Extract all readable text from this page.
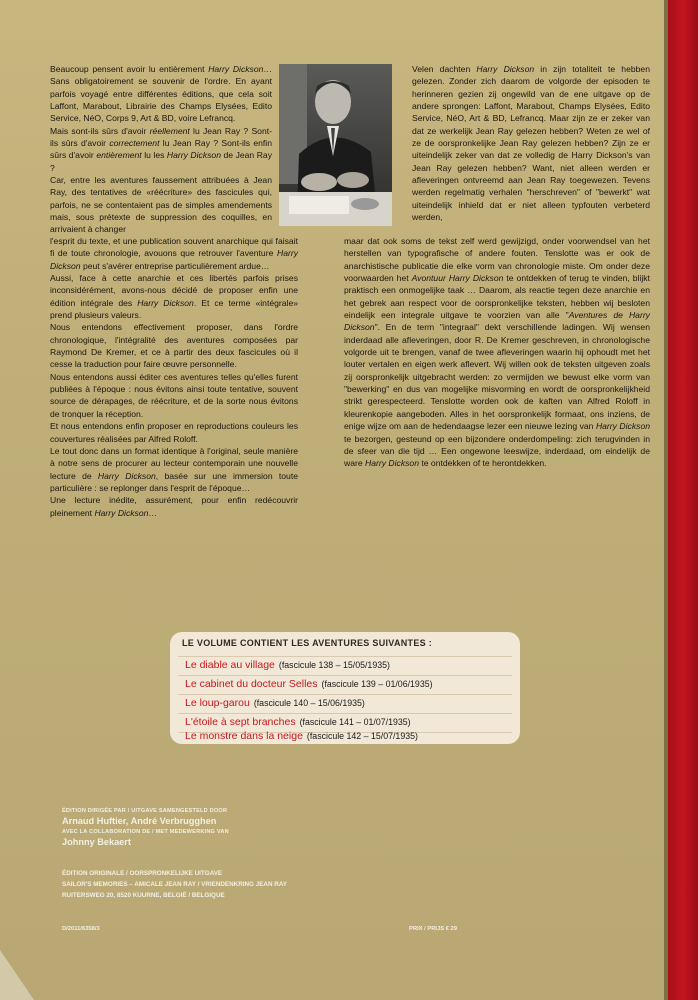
Beaucoup pensent avoir lu entièrement Harry Dickson… Sans obligatoirement se souvenir de l'ordre. En ayant parfois voyagé entre différentes éditions, que cela soit Laffont, Marabout, Librairie des Champs Elysées, Edito Service, NéO, Corps 9, Art & BD, voire Lefrancq.

Mais sont-ils sûrs d'avoir réellement lu Jean Ray ? Sont-ils sûrs d'avoir correctement lu Jean Ray ? Sont-ils enfin sûrs d'avoir entièrement lu les Harry Dickson de Jean Ray ?

Car, entre les aventures faussement attribuées à Jean Ray, des tentatives de «réécriture» des fascicules qui, parfois, ne se contentaient pas de simples amendements mais, sous prétexte de suppression des coquilles, en arrivaient à changer

Velen dachten Harry Dickson in zijn totaliteit te hebben gelezen. Zonder zich daarom de volgorde der episoden te herinneren gezien zij ongewild van de ene uitgave op de andere sprongen: Laffont, Marabout, Champs Elysées, Edito Service, NéO, Art & BD, Lefrancq. Maar zijn ze er zeker van dat ze werkelijk Jean Ray gelezen hebben? Weten ze wel of ze de oorspronkelijke Jean Ray gelezen hebben? Zijn ze er uiteindelijk zeker van dat ze volledig de Harry Dickson's van Jean Ray gelezen hebben? Want, niet alleen werden er afleveringen ontvreemd aan Jean Ray toegewezen. Tevens werden regelmatig verhalen "herschreven" of "bewerkt" wat uiteindelijk inhield dat er niet alleen typfouten verbeterd werden,

l'esprit du texte, et une publication souvent anarchique qui faisait fi de toute chronologie, avouons que retrouver l'aventure Harry Dickson peut s'avérer entreprise particulièrement ardue…

Aussi, face à cette anarchie et ces libertés parfois prises inconsidérément, avons-nous décidé de proposer enfin une édition intégrale des Harry Dickson. Et ce terme «intégrale» prend plusieurs valeurs.

Nous entendons effectivement proposer, dans l'ordre chronologique, l'intégralité des aventures composées par Raymond De Kremer, et ce à partir des deux fascicules où il cesse la traduction pour faire œuvre personnelle.

Nous entendons aussi éditer ces aventures telles qu'elles furent publiées à l'époque : nous évitons ainsi toute tentative, souvent source de dérapages, de réécriture, et de la sorte nous évitons de tronquer la réception.

Et nous entendons enfin proposer en reproductions couleurs les couvertures réalisées par Alfred Roloff.

Le tout donc dans un format identique à l'original, seule manière à notre sens de procurer au lecteur contemporain une nouvelle lecture de Harry Dickson, basée sur une immersion toute particulière : se replonger dans l'esprit de l'époque…

Une lecture inédite, assurément, pour enfin redécouvrir pleinement Harry Dickson…

maar dat ook soms de tekst zelf werd gewijzigd, onder voorwendsel van het herstellen van typografische of andere fouten. Tenslotte was er ook de anarchistische publicatie die elke vorm van chronologie miste. Om onder deze voorwaarden het Avontuur Harry Dickson te ontdekken of terug te vinden, blijkt praktisch een onmogelijke taak … Daarom, als reactie tegen deze anarchie en het gebrek aan respect voor de oorspronkelijke teksten, hebben wij besloten eindelijk een integrale uitgave te voorzien van alle "Aventures de Harry Dickson". En de term "integraal" dekt verschillende ladingen. Wij wensen inderdaad alle afleveringen, door R. De Kremer geschreven, in chronologische volgorde uit te brengen, vanaf de twee afleveringen waarin hij ophoudt met het louter vertalen en eigen werk aflevert. Wij willen ook de teksten uitgeven zoals zij oorspronkelijk uitgebracht werden: zo vermijden we bewust elke vorm van "bewerking" en dus van mogelijke misvorming en wordt de oorspronkelijkheid strikt gerespecteerd. Tenslotte worden ook de kaften van Alfred Roloff in kleurenkopie aangeboden. Alles in het oorspronkelijk formaat, ons inziens, de enige wijze om aan de hedendaagse lezer een nieuwe lezing van Harry Dickson te bezorgen, gesteund op een bijzondere onderdompeling: zich terugvinden in de sfeer van die tijd … Een ongewone leeswijze, inderdaad, om eindelijk de ware Harry Dickson te ontdekken of te herontdekken.

LE VOLUME CONTIENT LES AVENTURES SUIVANTES :
Le diable au village (fascicule 138 – 15/05/1935)
Le cabinet du docteur Selles (fascicule 139 – 01/06/1935)
Le loup-garou (fascicule 140 – 15/06/1935)
L'étoile à sept branches (fascicule 141 – 01/07/1935)
Le monstre dans la neige (fascicule 142 – 15/07/1935)
ÉDITION DIRIGÉE PAR / UITGAVE SAMENGESTELD DOOR
Arnaud Huftier, André Verbrugghen
AVEC LA COLLABORATION DE / MET MEDEWERKING VAN
Johnny Bekaert
ÉDITION ORIGINALE / OORSPRONKELIJKE UITGAVE
SAILOR'S MEMORIES – AMICALE JEAN RAY / VRIENDENKRING JEAN RAY
RUITERSWEG 20, 8520 KUURNE, BELGIË / BELGIQUE
D/2011/6358/3	PRIX / PRIJS € 29
